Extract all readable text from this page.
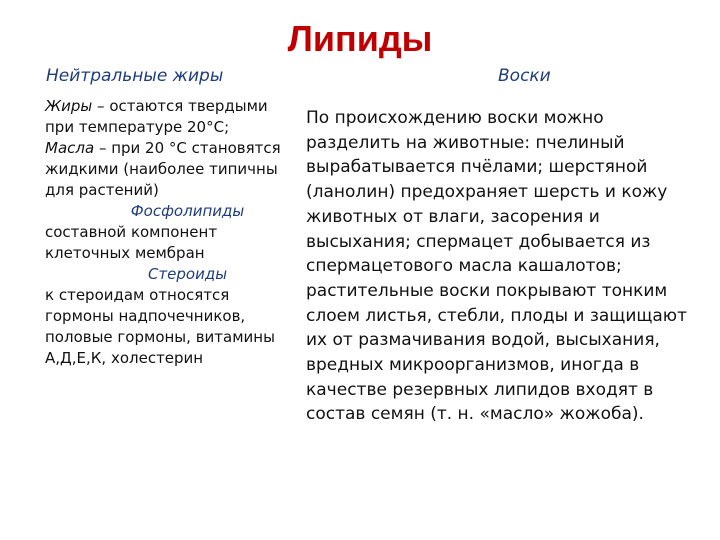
Липиды
Нейтральные жиры	Воски

Жиры – остаются твердыми при температуре 20°С;

Масла – при 20 °С становятся жидкими (наиболее типичны для растений)

Фосфолипиды

составной компонент клеточных мембран

Стероиды

к стероидам относятся гормоны надпочечников, половые гормоны, витамины А,Д,Е,К, холестерин

По происхождению воски можно разделить на животные: пчелиный вырабатывается пчёлами; шерстяной (ланолин) предохраняет шерсть и кожу животных от влаги, засорения и высыхания; спермацет добывается из спермацетового масла кашалотов; растительные воски покрывают тонким слоем листья, стебли, плоды и защищают их от размачивания водой, высыхания, вредных микроорганизмов, иногда в качестве резервных липидов входят в состав семян (т. н. «масло» жожоба).
